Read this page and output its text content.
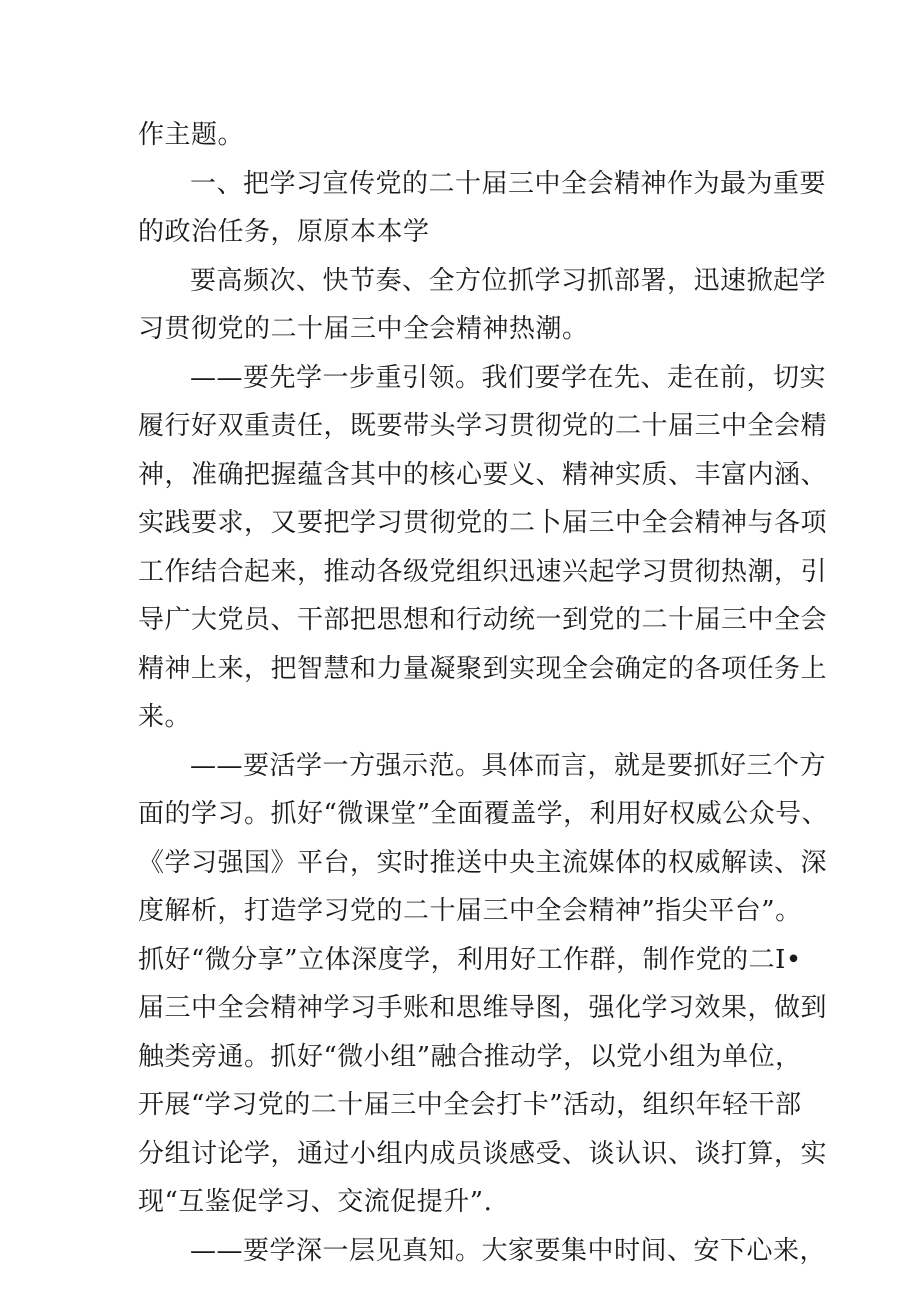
作主题。
一、把学习宣传党的二十届三中全会精神作为最为重要
的政治任务，原原本本学
要高频次、快节奏、全方位抓学习抓部署，迅速掀起学
习贯彻党的二十届三中全会精神热潮。
——要先学一步重引领。我们要学在先、走在前，切实
履行好双重责任，既要带头学习贯彻党的二十届三中全会精
神，准确把握蕴含其中的核心要义、精神实质、丰富内涵、
实践要求，又要把学习贯彻党的二卜届三中全会精神与各项
工作结合起来，推动各级党组织迅速兴起学习贯彻热潮，引
导广大党员、干部把思想和行动统一到党的二十届三中全会
精神上来，把智慧和力量凝聚到实现全会确定的各项任务上
来。
——要活学一方强示范。具体而言，就是要抓好三个方
面的学习。抓好“微课堂”全面覆盖学，利用好权威公众号、
《学习强国》平台，实时推送中央主流媒体的权威解读、深
度解析，打造学习党的二十届三中全会精神”指尖平台”。
抓好“微分享”立体深度学，利用好工作群，制作党的二I•
届三中全会精神学习手账和思维导图，强化学习效果，做到
触类旁通。抓好“微小组”融合推动学，以党小组为单位，
开展“学习党的二十届三中全会打卡”活动，组织年轻干部
分组讨论学，通过小组内成员谈感受、谈认识、谈打算，实
现“互鉴促学习、交流促提升”.
——要学深一层见真知。大家要集中时间、安下心来，
